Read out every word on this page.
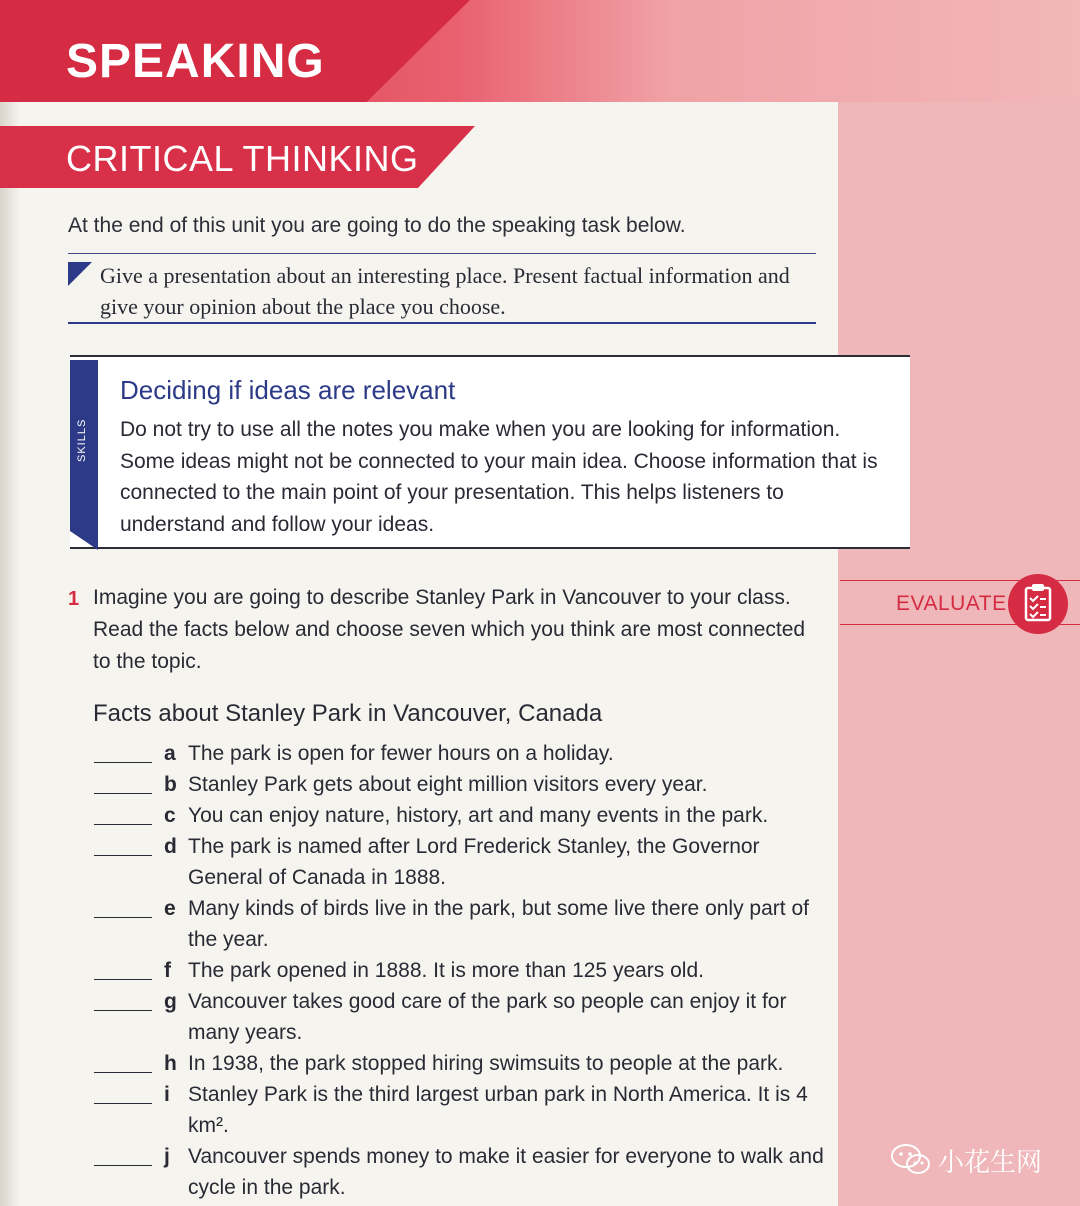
SPEAKING
CRITICAL THINKING
At the end of this unit you are going to do the speaking task below.
Give a presentation about an interesting place. Present factual information and give your opinion about the place you choose.
SKILLS
Deciding if ideas are relevant
Do not try to use all the notes you make when you are looking for information. Some ideas might not be connected to your main idea. Choose information that is connected to the main point of your presentation. This helps listeners to understand and follow your ideas.
1 Imagine you are going to describe Stanley Park in Vancouver to your class. Read the facts below and choose seven which you think are most connected to the topic.
EVALUATE
Facts about Stanley Park in Vancouver, Canada
a The park is open for fewer hours on a holiday.
b Stanley Park gets about eight million visitors every year.
c You can enjoy nature, history, art and many events in the park.
d The park is named after Lord Frederick Stanley, the Governor General of Canada in 1888.
e Many kinds of birds live in the park, but some live there only part of the year.
f The park opened in 1888. It is more than 125 years old.
g Vancouver takes good care of the park so people can enjoy it for many years.
h In 1938, the park stopped hiring swimsuits to people at the park.
i Stanley Park is the third largest urban park in North America. It is 4 km².
j Vancouver spends money to make it easier for everyone to walk and cycle in the park.
小花生网
